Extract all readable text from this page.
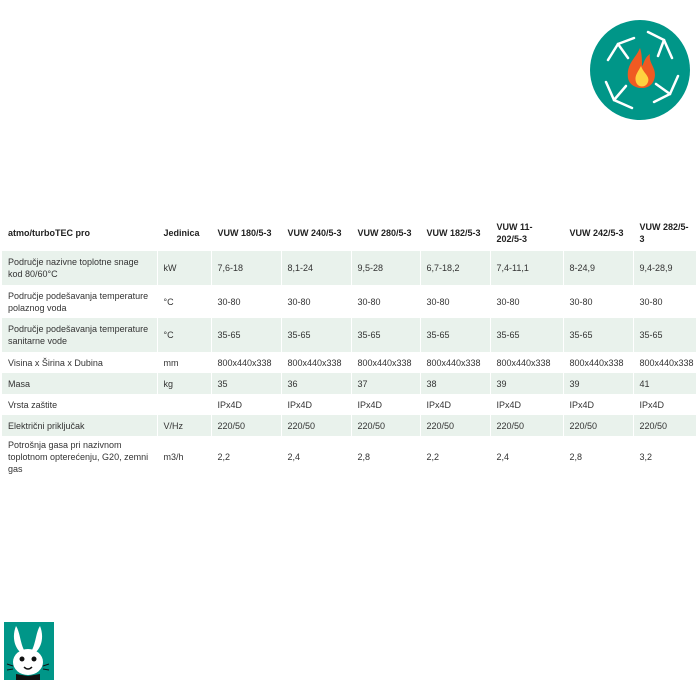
atmo/turboTEC pro	Jedinica	VUW 180/5-3	VUW 240/5-3	VUW 280/5-3	VUW 182/5-3	VUW 11-202/5-3	VUW 242/5-3	VUW 282/5-3
Područje nazivne toplotne snage kod 80/60°C	kW	7,6-18	8,1-24	9,5-28	6,7-18,2	7,4-11,1	8-24,9	9,4-28,9
Područje podešavanja temperature polaznog voda	°C	30-80	30-80	30-80	30-80	30-80	30-80	30-80
Područje podešavanja temperature sanitarne vode	°C	35-65	35-65	35-65	35-65	35-65	35-65	35-65
Visina x Širina x Dubina	mm	800x440x338	800x440x338	800x440x338	800x440x338	800x440x338	800x440x338	800x440x338
Masa	kg	35	36	37	38	39	39	41
Vrsta zaštite		IPx4D	IPx4D	IPx4D	IPx4D	IPx4D	IPx4D	IPx4D
Električni priključak	V/Hz	220/50	220/50	220/50	220/50	220/50	220/50	220/50
Potrošnja gasa pri nazivnom toplotnom opterećenju, G20, zemni gas	m3/h	2,2	2,4	2,8	2,2	2,4	2,8	3,2
